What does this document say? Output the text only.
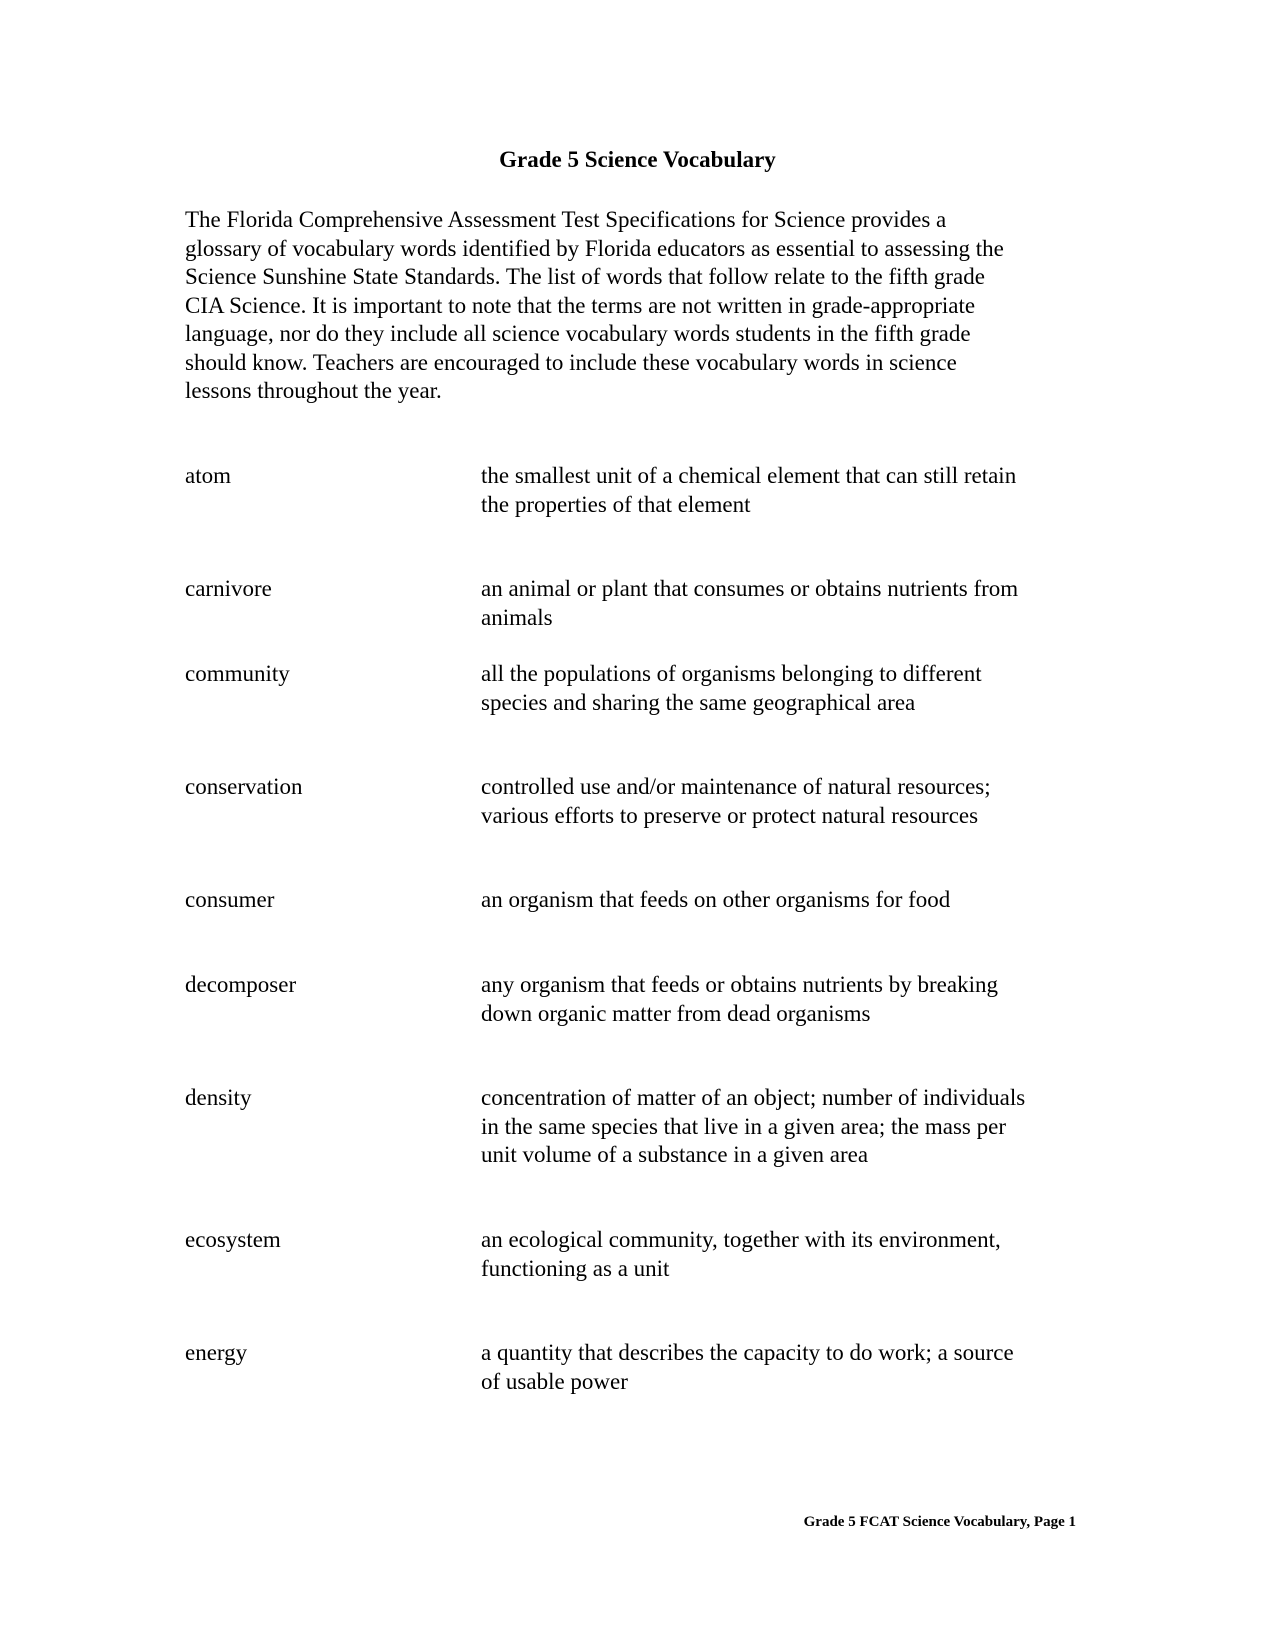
Grade 5 Science Vocabulary

The Florida Comprehensive Assessment Test Specifications for Science provides a
glossary of vocabulary words identified by Florida educators as essential to assessing the
Science Sunshine State Standards. The list of words that follow relate to the fifth grade
CIA Science. It is important to note that the terms are not written in grade-appropriate
language, nor do they include all science vocabulary words students in the fifth grade
should know. Teachers are encouraged to include these vocabulary words in science
lessons throughout the year.

atom	the smallest unit of a chemical element that can still retain
the properties of that element
carnivore	an animal or plant that consumes or obtains nutrients from
animals
community	all the populations of organisms belonging to different
species and sharing the same geographical area
conservation	controlled use and/or maintenance of natural resources;
various efforts to preserve or protect natural resources
consumer	an organism that feeds on other organisms for food
decomposer	any organism that feeds or obtains nutrients by breaking
down organic matter from dead organisms
density	concentration of matter of an object; number of individuals
in the same species that live in a given area; the mass per
unit volume of a substance in a given area
ecosystem	an ecological community, together with its environment,
functioning as a unit
energy	a quantity that describes the capacity to do work; a source
of usable power
Grade 5 FCAT Science Vocabulary, Page 1
